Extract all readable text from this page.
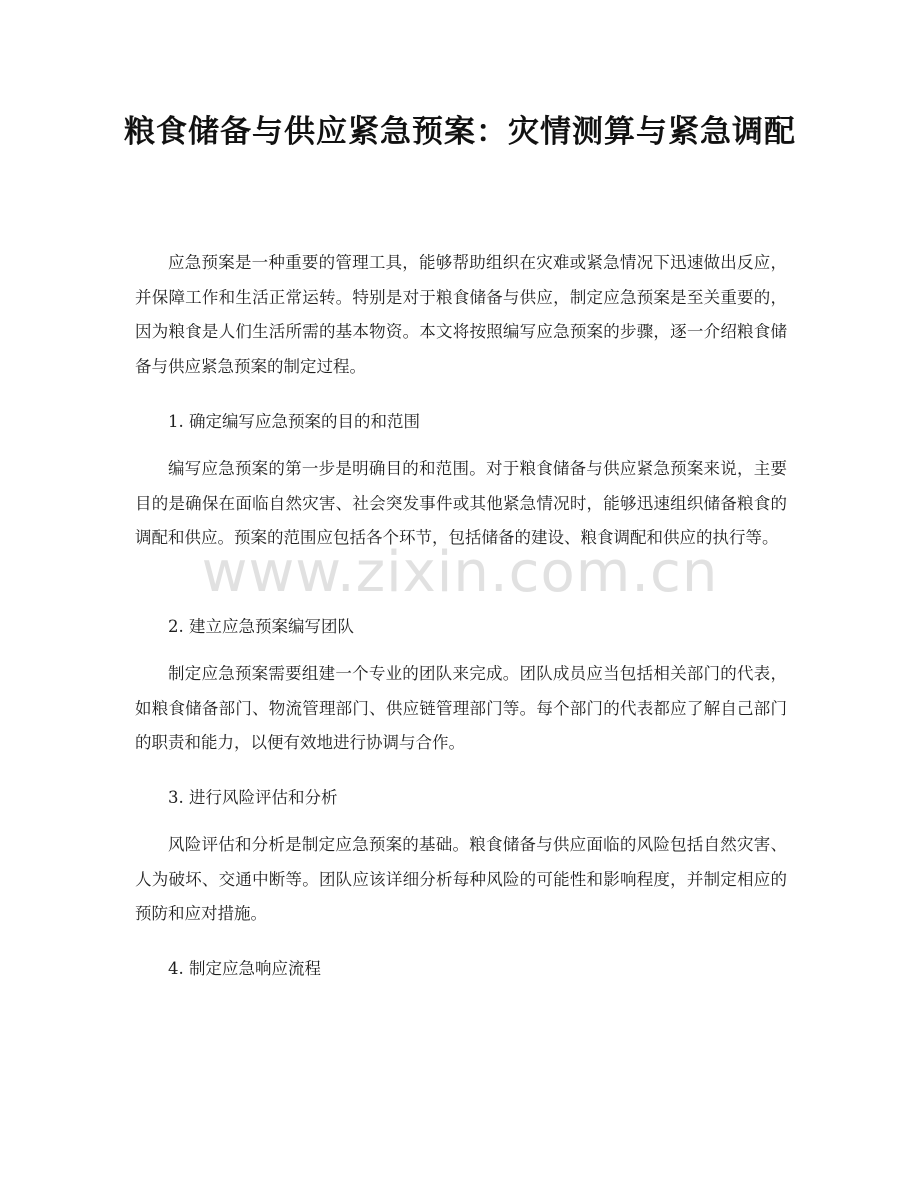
粮食储备与供应紧急预案：灾情测算与紧急调配

应急预案是一种重要的管理工具，能够帮助组织在灾难或紧急情况下迅速做出反应，并保障工作和生活正常运转。特别是对于粮食储备与供应，制定应急预案是至关重要的，因为粮食是人们生活所需的基本物资。本文将按照编写应急预案的步骤，逐一介绍粮食储备与供应紧急预案的制定过程。

1. 确定编写应急预案的目的和范围

编写应急预案的第一步是明确目的和范围。对于粮食储备与供应紧急预案来说，主要目的是确保在面临自然灾害、社会突发事件或其他紧急情况时，能够迅速组织储备粮食的调配和供应。预案的范围应包括各个环节，包括储备的建设、粮食调配和供应的执行等。

2. 建立应急预案编写团队

制定应急预案需要组建一个专业的团队来完成。团队成员应当包括相关部门的代表，如粮食储备部门、物流管理部门、供应链管理部门等。每个部门的代表都应了解自己部门的职责和能力，以便有效地进行协调与合作。

3. 进行风险评估和分析

风险评估和分析是制定应急预案的基础。粮食储备与供应面临的风险包括自然灾害、人为破坏、交通中断等。团队应该详细分析每种风险的可能性和影响程度，并制定相应的预防和应对措施。

4. 制定应急响应流程

www.zixin.com.cn
